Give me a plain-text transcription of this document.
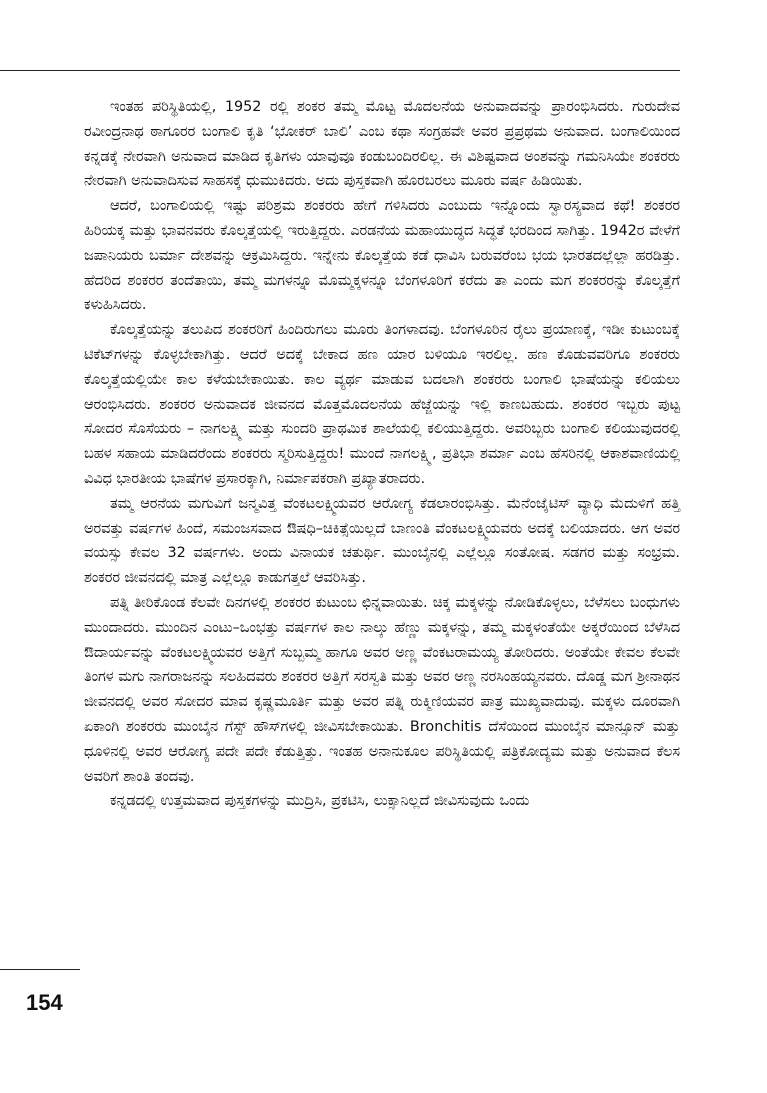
ಇಂತಹ ಪರಿಸ್ಥಿತಿಯಲ್ಲಿ, 1952 ರಲ್ಲಿ ಶಂಕರ ತಮ್ಮ ಮೊಟ್ಟ ಮೊದಲನೆಯ ಅನುವಾದವನ್ನು ಪ್ರಾರಂಭಿಸಿದರು. ಗುರುದೇವ ರವೀಂದ್ರನಾಥ ಠಾಗೂರರ ಬಂಗಾಲಿ ಕೃತಿ ‘ಭೋಕರ್ ಬಾಲಿ’ ಎಂಬ ಕಥಾ ಸಂಗ್ರಹವೇ ಅವರ ಪ್ರಪ್ರಥಮ ಅನುವಾದ. ಬಂಗಾಲಿಯಿಂದ ಕನ್ನಡಕ್ಕೆ ನೇರವಾಗಿ ಅನುವಾದ ಮಾಡಿದ ಕೃತಿಗಳು ಯಾವುವೂ ಕಂಡುಬಂದಿರಲಿಲ್ಲ. ಈ ವಿಶಿಷ್ಟವಾದ ಅಂಶವನ್ನು ಗಮನಿಸಿಯೇ ಶಂಕರರು ನೇರವಾಗಿ ಅನುವಾದಿಸುವ ಸಾಹಸಕ್ಕೆ ಧುಮುಕಿದರು. ಅದು ಪುಸ್ತಕವಾಗಿ ಹೊರಬರಲು ಮೂರು ವರ್ಷ ಹಿಡಿಯಿತು.

ಆದರೆ, ಬಂಗಾಲಿಯಲ್ಲಿ ಇಷ್ಟು ಪರಿಶ್ರಮ ಶಂಕರರು ಹೇಗೆ ಗಳಿಸಿದರು ಎಂಬುದು ಇನ್ನೊಂದು ಸ್ವಾರಸ್ಯವಾದ ಕಥೆ! ಶಂಕರರ ಹಿರಿಯಕ್ಕ ಮತ್ತು ಭಾವನವರು ಕೊಲ್ಕತ್ತೆಯಲ್ಲಿ ಇರುತ್ತಿದ್ದರು. ಎರಡನೆಯ ಮಹಾಯುದ್ಧದ ಸಿದ್ಧತೆ ಭರದಿಂದ ಸಾಗಿತ್ತು. 1942ರ ವೇಳೆಗೆ ಜಪಾನಿಯರು ಬರ್ಮಾ ದೇಶವನ್ನು ಆಕ್ರಮಿಸಿದ್ದರು. ಇನ್ನೇನು ಕೊಲ್ಕತ್ತೆಯ ಕಡೆ ಧಾವಿಸಿ ಬರುವರೆಂಬ ಭಯ ಭಾರತದಲ್ಲೆಲ್ಲಾ ಹರಡಿತ್ತು. ಹೆದರಿದ ಶಂಕರರ ತಂದೆತಾಯಿ, ತಮ್ಮ ಮಗಳನ್ನೂ ಮೊಮ್ಮಕ್ಕಳನ್ನೂ ಬೆಂಗಳೂರಿಗೆ ಕರೆದು ತಾ ಎಂದು ಮಗ ಶಂಕರರನ್ನು ಕೊಲ್ಕತ್ತೆಗೆ ಕಳುಹಿಸಿದರು.

ಕೊಲ್ಕತ್ತೆಯನ್ನು ತಲುಪಿದ ಶಂಕರರಿಗೆ ಹಿಂದಿರುಗಲು ಮೂರು ತಿಂಗಳಾದವು. ಬೆಂಗಳೂರಿನ ರೈಲು ಪ್ರಯಾಣಕ್ಕೆ, ಇಡೀ ಕುಟುಂಬಕ್ಕೆ ಟಿಕೆಟ್‍ಗಳನ್ನು ಕೊಳ್ಳಬೇಕಾಗಿತ್ತು. ಆದರೆ ಅದಕ್ಕೆ ಬೇಕಾದ ಹಣ ಯಾರ ಬಳಿಯೂ ಇರಲಿಲ್ಲ. ಹಣ ಕೊಡುವವರಿಗೂ ಶಂಕರರು ಕೊಲ್ಕತ್ತೆಯಲ್ಲಿಯೇ ಕಾಲ ಕಳೆಯಬೇಕಾಯಿತು. ಕಾಲ ವ್ಯರ್ಥ ಮಾಡುವ ಬದಲಾಗಿ ಶಂಕರರು ಬಂಗಾಲಿ ಭಾಷೆಯನ್ನು ಕಲಿಯಲು ಆರಂಭಿಸಿದರು. ಶಂಕರರ ಅನುವಾದಕ ಜೀವನದ ಮೊತ್ತಮೊದಲನೆಯ ಹೆಜ್ಜೆಯನ್ನು ಇಲ್ಲಿ ಕಾಣಬಹುದು. ಶಂಕರರ ಇಬ್ಬರು ಪುಟ್ಟ ಸೋದರ ಸೊಸೆಯರು – ನಾಗಲಕ್ಷ್ಮಿ ಮತ್ತು ಸುಂದರಿ ಪ್ರಾಥಮಿಕ ಶಾಲೆಯಲ್ಲಿ ಕಲಿಯುತ್ತಿದ್ದರು. ಅವರಿಬ್ಬರು ಬಂಗಾಲಿ ಕಲಿಯುವುದರಲ್ಲಿ ಬಹಳ ಸಹಾಯ ಮಾಡಿದರೆಂದು ಶಂಕರರು ಸ್ಮರಿಸುತ್ತಿದ್ದರು! ಮುಂದೆ ನಾಗಲಕ್ಷ್ಮಿ, ಪ್ರತಿಭಾ ಶರ್ಮಾ ಎಂಬ ಹೆಸರಿನಲ್ಲಿ ಆಕಾಶವಾಣಿಯಲ್ಲಿ ವಿವಿಧ ಭಾರತೀಯ ಭಾಷೆಗಳ ಪ್ರಸಾರಕ್ಕಾಗಿ, ನಿರ್ಮಾಪಕರಾಗಿ ಪ್ರಖ್ಯಾತರಾದರು.

ತಮ್ಮ ಆರನೆಯ ಮಗುವಿಗೆ ಜನ್ಮವಿತ್ತ ವೆಂಕಟಲಕ್ಷ್ಮಿಯವರ ಆರೋಗ್ಯ ಕೆಡಲಾರಂಭಿಸಿತ್ತು. ಮೆನೆಂಜೈಟಿಸ್ ವ್ಯಾಧಿ ಮೆದುಳಿಗೆ ಹತ್ತಿ ಅರವತ್ತು ವರ್ಷಗಳ ಹಿಂದೆ, ಸಮಂಜಸವಾದ ಔಷಧಿ–ಚಿಕಿತ್ಸೆಯಿಲ್ಲದೆ ಬಾಣಂತಿ ವೆಂಕಟಲಕ್ಷ್ಮಿಯವರು ಅದಕ್ಕೆ ಬಲಿಯಾದರು. ಆಗ ಅವರ ವಯಸ್ಸು ಕೇವಲ 32 ವರ್ಷಗಳು. ಅಂದು ವಿನಾಯಕ ಚತುರ್ಥಿ. ಮುಂಬೈನಲ್ಲಿ ಎಲ್ಲೆಲ್ಲೂ ಸಂತೋಷ. ಸಡಗರ ಮತ್ತು ಸಂಭ್ರಮ. ಶಂಕರರ ಜೀವನದಲ್ಲಿ ಮಾತ್ರ ಎಲ್ಲೆಲ್ಲೂ ಕಾಡುಗತ್ತಲೆ ಆವರಿಸಿತ್ತು.

ಪತ್ನಿ ತೀರಿಕೊಂಡ ಕೆಲವೇ ದಿನಗಳಲ್ಲಿ ಶಂಕರರ ಕುಟುಂಬ ಛಿನ್ನವಾಯಿತು. ಚಿಕ್ಕ ಮಕ್ಕಳನ್ನು ನೋಡಿಕೊಳ್ಳಲು, ಬೆಳೆಸಲು ಬಂಧುಗಳು ಮುಂದಾದರು. ಮುಂದಿನ ಎಂಟು–ಒಂಭತ್ತು ವರ್ಷಗಳ ಕಾಲ ನಾಲ್ಕು ಹೆಣ್ಣು ಮಕ್ಕಳನ್ನು, ತಮ್ಮ ಮಕ್ಕಳಂತೆಯೇ ಅಕ್ಕರೆಯಿಂದ ಬೆಳೆಸಿದ ಔದಾರ್ಯವನ್ನು ವೆಂಕಟಲಕ್ಷ್ಮಿಯವರ ಅತ್ತಿಗೆ ಸುಬ್ಬಮ್ಮ ಹಾಗೂ ಅವರ ಅಣ್ಣ ವೆಂಕಟರಾಮಯ್ಯ ತೋರಿದರು. ಅಂತೆಯೇ ಕೇವಲ ಕೆಲವೇ ತಿಂಗಳ ಮಗು ನಾಗರಾಜನನ್ನು ಸಲಹಿದವರು ಶಂಕರರ ಅತ್ತಿಗೆ ಸರಸ್ವತಿ ಮತ್ತು ಅವರ ಅಣ್ಣ ನರಸಿಂಹಯ್ಯನವರು. ದೊಡ್ಡ ಮಗ ಶ್ರೀನಾಥನ ಜೀವನದಲ್ಲಿ ಅವರ ಸೋದರ ಮಾವ ಕೃಷ್ಣಮೂರ್ತಿ ಮತ್ತು ಅವರ ಪತ್ನಿ ರುಕ್ಮಿಣಿಯವರ ಪಾತ್ರ ಮುಖ್ಯವಾದುವು. ಮಕ್ಕಳು ದೂರವಾಗಿ ಏಕಾಂಗಿ ಶಂಕರರು ಮುಂಬೈನ ಗೆಸ್ಟ್ ಹೌಸ್‍ಗಳಲ್ಲಿ ಜೀವಿಸಬೇಕಾಯಿತು. Bronchitis ದೆಸೆಯಿಂದ ಮುಂಬೈನ ಮಾನ್ಸೂನ್ ಮತ್ತು ಧೂಳಿನಲ್ಲಿ ಅವರ ಆರೋಗ್ಯ ಪದೇ ಪದೇ ಕೆಡುತ್ತಿತ್ತು. ಇಂತಹ ಅನಾನುಕೂಲ ಪರಿಸ್ಥಿತಿಯಲ್ಲಿ ಪತ್ರಿಕೋದ್ಯಮ ಮತ್ತು ಅನುವಾದ ಕೆಲಸ ಅವರಿಗೆ ಶಾಂತಿ ತಂದವು.

ಕನ್ನಡದಲ್ಲಿ ಉತ್ತಮವಾದ ಪುಸ್ತಕಗಳನ್ನು ಮುದ್ರಿಸಿ, ಪ್ರಕಟಿಸಿ, ಲುಕ್ಸಾನಿಲ್ಲದೆ ಜೀವಿಸುವುದು ಒಂದು

154
